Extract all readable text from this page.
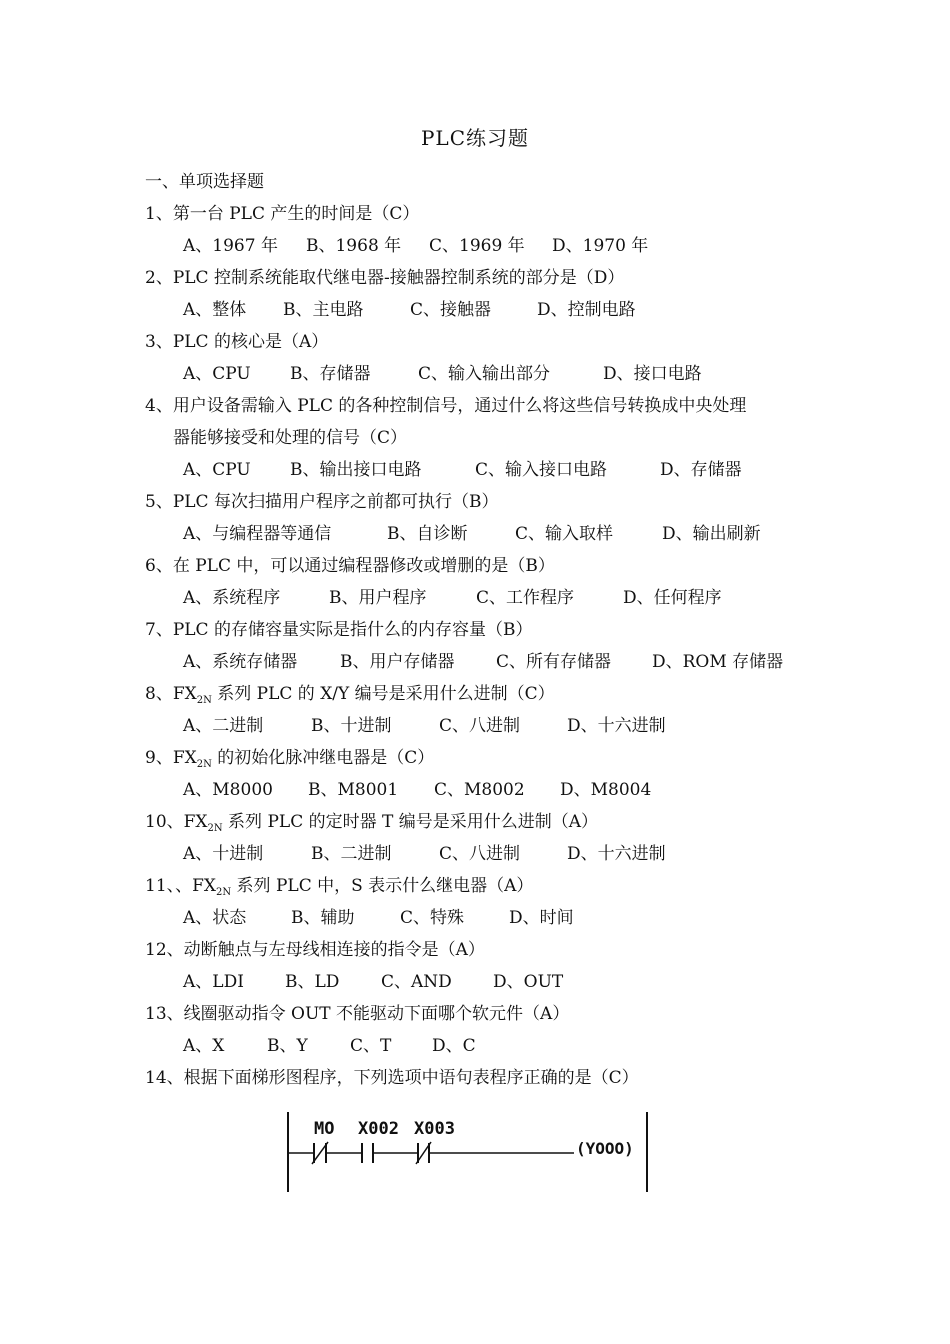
PLC练习题
一、单项选择题
1、第一台 PLC 产生的时间是（C）
A、1967 年 B、1968 年 C、1969 年 D、1970 年
2、PLC 控制系统能取代继电器-接触器控制系统的部分是（D）
A、整体 B、主电路	C、接触器	D、控制电路
3、PLC 的核心是（A）
A、CPU B、存储器	C、输入输出部分	D、接口电路
4、用户设备需输入 PLC 的各种控制信号，通过什么将这些信号转换成中央处理
器能够接受和处理的信号（C）
A、CPU B、输出接口电路	C、输入接口电路	D、存储器
5、PLC 每次扫描用户程序之前都可执行（B）
A、与编程器等通信	B、自诊断	C、输入取样	D、输出刷新
6、在 PLC 中，可以通过编程器修改或增删的是（B）
A、系统程序	B、用户程序	C、工作程序	D、任何程序
7、PLC 的存储容量实际是指什么的内存容量（B）
A、系统存储器	B、用户存储器 C、所有存储器 D、ROM 存储器
8、$FX_{2N}$ 系列 PLC 的 X/Y 编号是采用什么进制（C）
A、二进制	B、十进制	C、八进制	D、十六进制
9、$FX_{2N}$ 的初始化脉冲继电器是（C）
A、M8000 B、M8001 C、M8002 D、M8004
10、$FX_{2N}$ 系列 PLC 的定时器 T 编号是采用什么进制（A）
A、十进制	B、二进制	C、八进制	D、十六进制
11、、$FX_{2N}$ 系列 PLC 中，S 表示什么继电器（A）
A、状态	B、辅助	C、特殊	D、时间
12、动断触点与左母线相连接的指令是（A）
A、LDI B、LD C、AND D、OUT
13、线圈驱动指令 OUT 不能驱动下面哪个软元件（A）
A、X	B、Y C、T D、C
14、根据下面梯形图程序，下列选项中语句表程序正确的是（C）
MO X002 X003
(YOOO)
